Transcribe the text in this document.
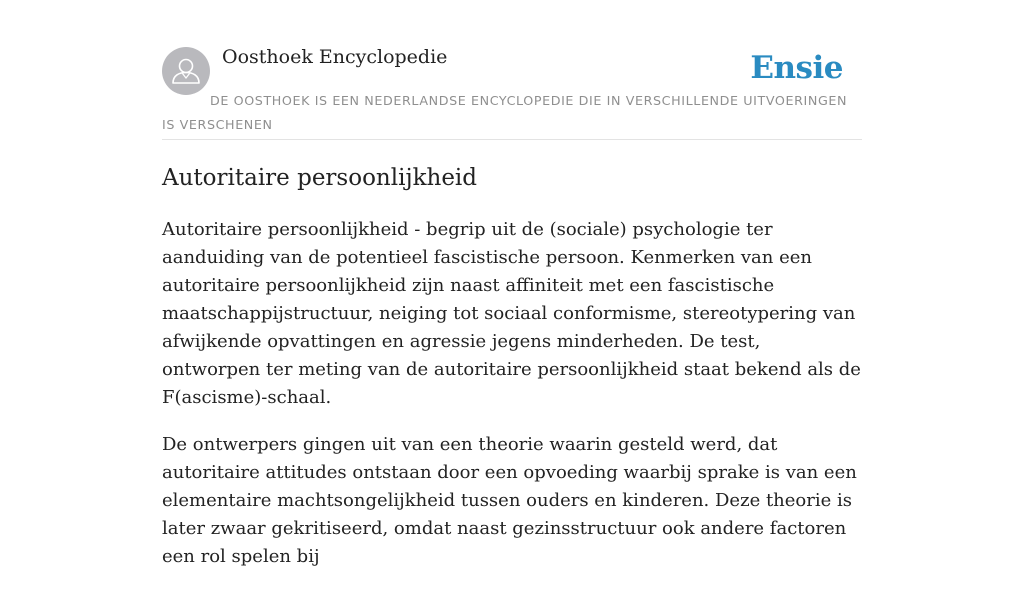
Oosthoek Encyclopedie	Ensie
DE OOSTHOEK IS EEN NEDERLANDSE ENCYCLOPEDIE DIE IN VERSCHILLENDE UITVOERINGEN IS VERSCHENEN
Autoritaire persoonlijkheid

Autoritaire persoonlijkheid - begrip uit de (sociale) psychologie ter aanduiding van de potentieel fascistische persoon. Kenmerken van een autoritaire persoonlijkheid zijn naast affiniteit met een fascistische maatschappijstructuur, neiging tot sociaal conformisme, stereotypering van afwijkende opvattingen en agressie jegens minderheden. De test, ontworpen ter meting van de autoritaire persoonlijkheid staat bekend als de F(ascisme)-schaal.

De ontwerpers gingen uit van een theorie waarin gesteld werd, dat autoritaire attitudes ontstaan door een opvoeding waarbij sprake is van een elementaire machtsongelijkheid tussen ouders en kinderen. Deze theorie is later zwaar gekritiseerd, omdat naast gezinsstructuur ook andere factoren een rol spelen bij
